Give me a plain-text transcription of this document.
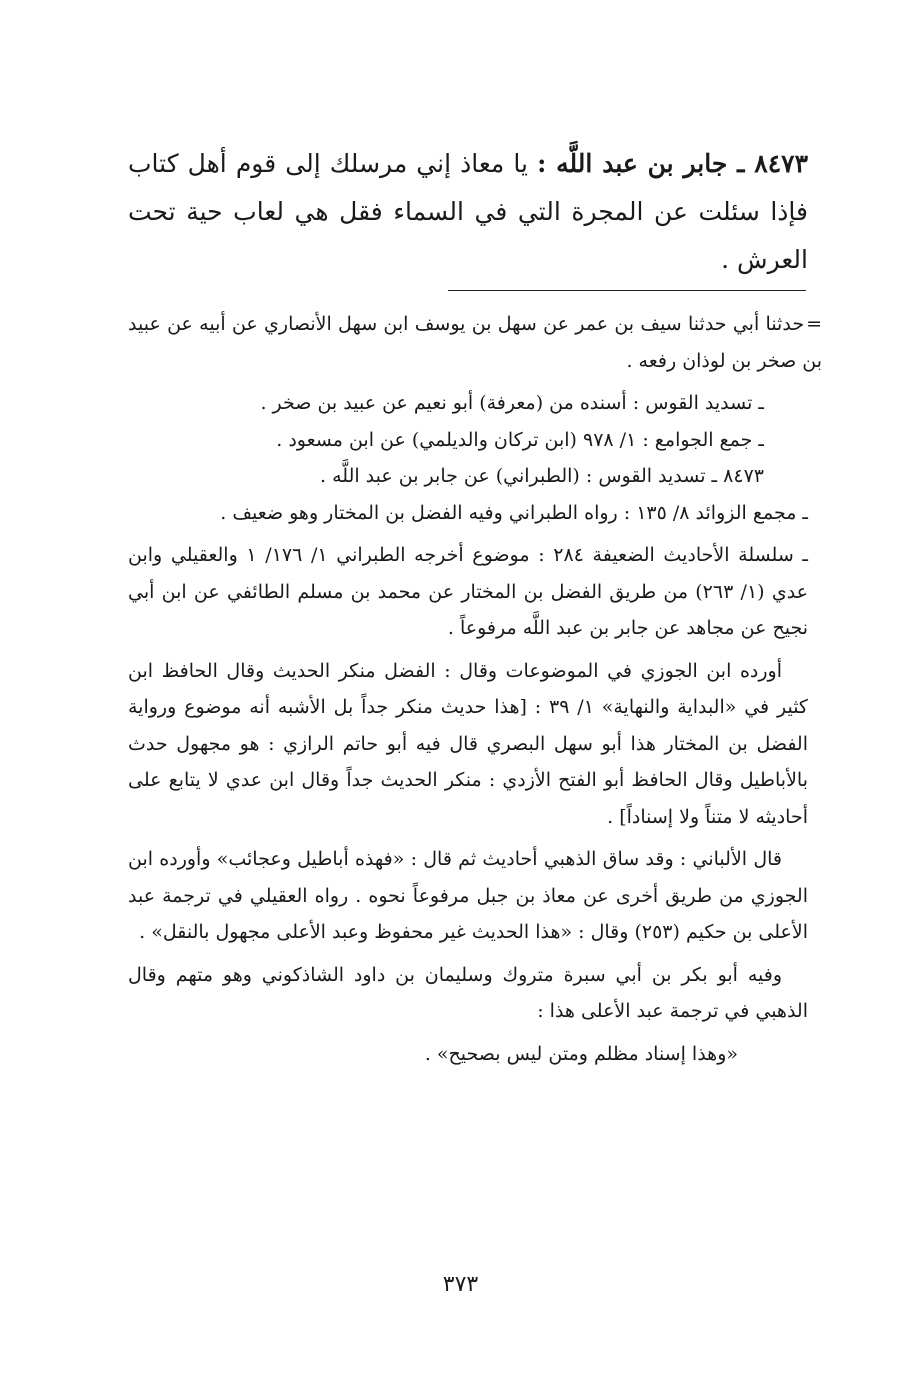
٨٤٧٣ ـ جابر بن عبد اللَّه : يا معاذ إني مرسلك إلى قوم أهل كتاب فإذا سئلت عن المجرة التي في السماء فقل هي لعاب حية تحت العرش .

=حدثنا أبي حدثنا سيف بن عمر عن سهل بن يوسف ابن سهل الأنصاري عن أبيه عن عبيد بن صخر بن لوذان رفعه .

ـ تسديد القوس : أسنده من (معرفة) أبو نعيم عن عبيد بن صخر .

ـ جمع الجوامع : ١/ ٩٧٨ (ابن تركان والديلمي) عن ابن مسعود .

٨٤٧٣ ـ تسديد القوس : (الطبراني) عن جابر بن عبد اللَّه .

ـ مجمع الزوائد ٨/ ١٣٥ : رواه الطبراني وفيه الفضل بن المختار وهو ضعيف .

ـ سلسلة الأحاديث الضعيفة ٢٨٤ : موضوع أخرجه الطبراني ١/ ١٧٦/ ١ والعقيلي وابن عدي (١/ ٢٦٣) من طريق الفضل بن المختار عن محمد بن مسلم الطائفي عن ابن أبي نجيح عن مجاهد عن جابر بن عبد اللَّه مرفوعاً .

أورده ابن الجوزي في الموضوعات وقال : الفضل منكر الحديث وقال الحافظ ابن كثير في «البداية والنهاية» ١/ ٣٩ : [هذا حديث منكر جداً بل الأشبه أنه موضوع ورواية الفضل بن المختار هذا أبو سهل البصري قال فيه أبو حاتم الرازي : هو مجهول حدث بالأباطيل وقال الحافظ أبو الفتح الأزدي : منكر الحديث جداً وقال ابن عدي لا يتابع على أحاديثه لا متناً ولا إسناداً] .

قال الألباني : وقد ساق الذهبي أحاديث ثم قال : «فهذه أباطيل وعجائب» وأورده ابن الجوزي من طريق أخرى عن معاذ بن جبل مرفوعاً نحوه . رواه العقيلي في ترجمة عبد الأعلى بن حكيم (٢٥٣) وقال : «هذا الحديث غير محفوظ وعبد الأعلى مجهول بالنقل» .

وفيه أبو بكر بن أبي سبرة متروك وسليمان بن داود الشاذكوني وهو متهم وقال الذهبي في ترجمة عبد الأعلى هذا :

«وهذا إسناد مظلم ومتن ليس بصحيح» .

٣٧٣
